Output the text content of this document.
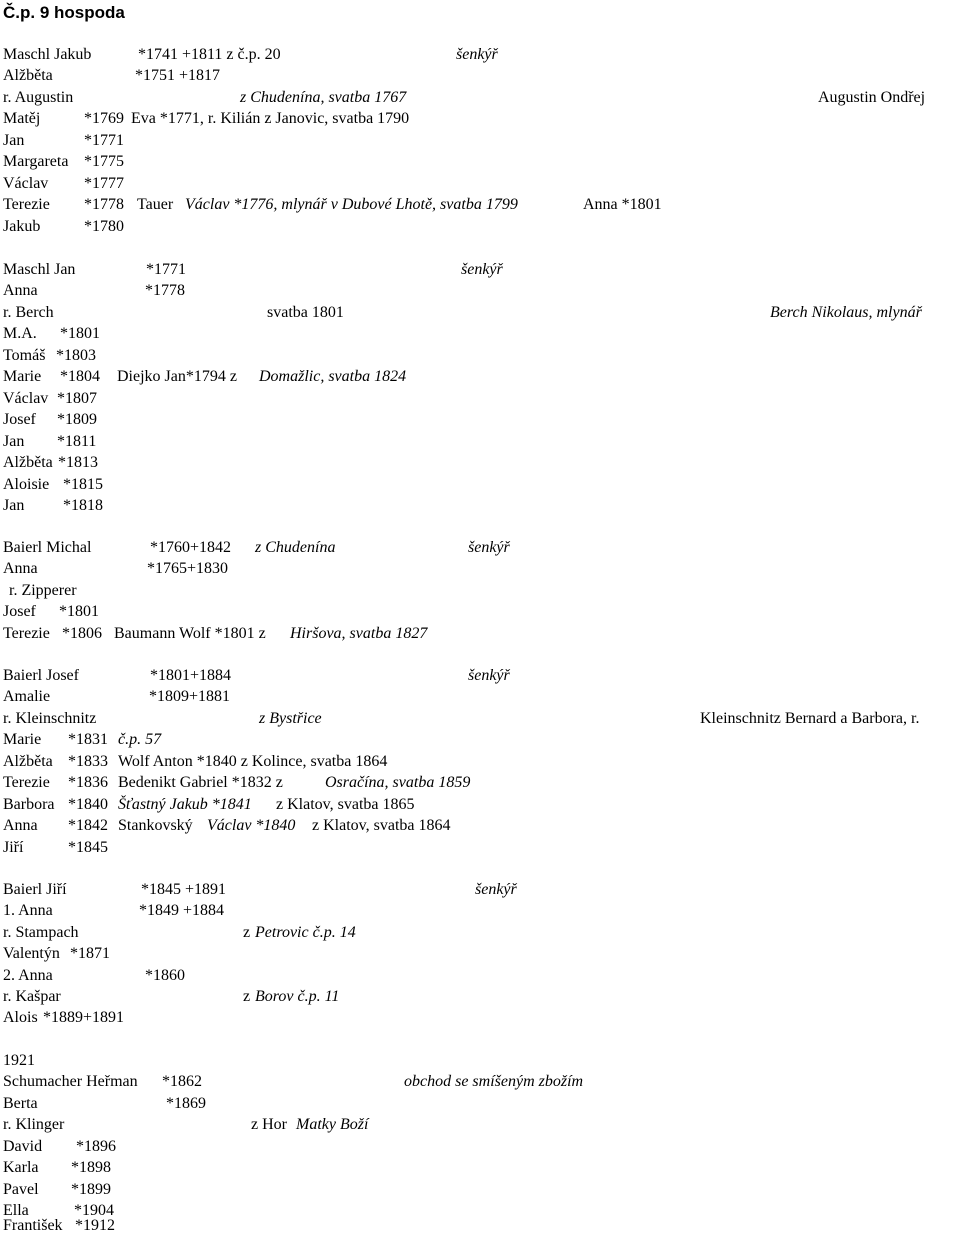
Č.p. 9 hospoda
Maschl Jakub	*1741 +1811 z č.p. 20	šenkýř
Alžběta	*1751 +1817
r. Augustin	z Chudenína, svatba 1767	Augustin Ondřej
Matěj	*1769 Eva *1771, r. Kilián z Janovic, svatba 1790
Jan	*1771
Margareta *1775
Václav *1777
Terezie *1778 Tauer Václav *1776, mlynář v Dubové Lhotě, svatba 1799	Anna *1801
Jakub	*1780
Maschl Jan	*1771	šenkýř
Anna	*1778
r. Berch	svatba 1801	Berch Nikolaus, mlynář
M.A. *1801
Tomáš *1803
Marie *1804 Diejko Jan*1794 z Domažlic, svatba 1824
Václav *1807
Josef *1809
Jan *1811
Alžběta *1813
Aloisie *1815
Jan *1818
Baierl Michal	*1760+1842 z Chudenína	šenkýř
Anna	*1765+1830
r. Zipperer
Josef *1801
Terezie *1806 Baumann Wolf *1801 z Hiršova, svatba 1827
Baierl Josef	*1801+1884	šenkýř
Amalie	*1809+1881
r. Kleinschnitz	z Bystřice	Kleinschnitz Bernard a Barbora, r.
Marie *1831 č.p. 57
Alžběta *1833 Wolf Anton *1840 z Kolince, svatba 1864
Terezie *1836 Bedenikt Gabriel *1832 z	Osračína, svatba 1859
Barbora *1840 Šťastný Jakub *1841 z Klatov, svatba 1865
Anna *1842 Stankovský Václav *1840 z Klatov, svatba 1864
Jiří	*1845
Baierl Jiří	*1845 +1891	šenkýř
1. Anna	*1849 +1884
r. Stampach	z Petrovic č.p. 14
Valentýn *1871
2. Anna	*1860
r. Kašpar	z Borov č.p. 11
Alois *1889+1891
1921
Schumacher Heřman *1862	obchod se smíšeným zbožím
Berta	*1869
r. Klinger	z Hor Matky Boží
David *1896
Karla *1898
Pavel *1899
Ella	*1904
František *1912
